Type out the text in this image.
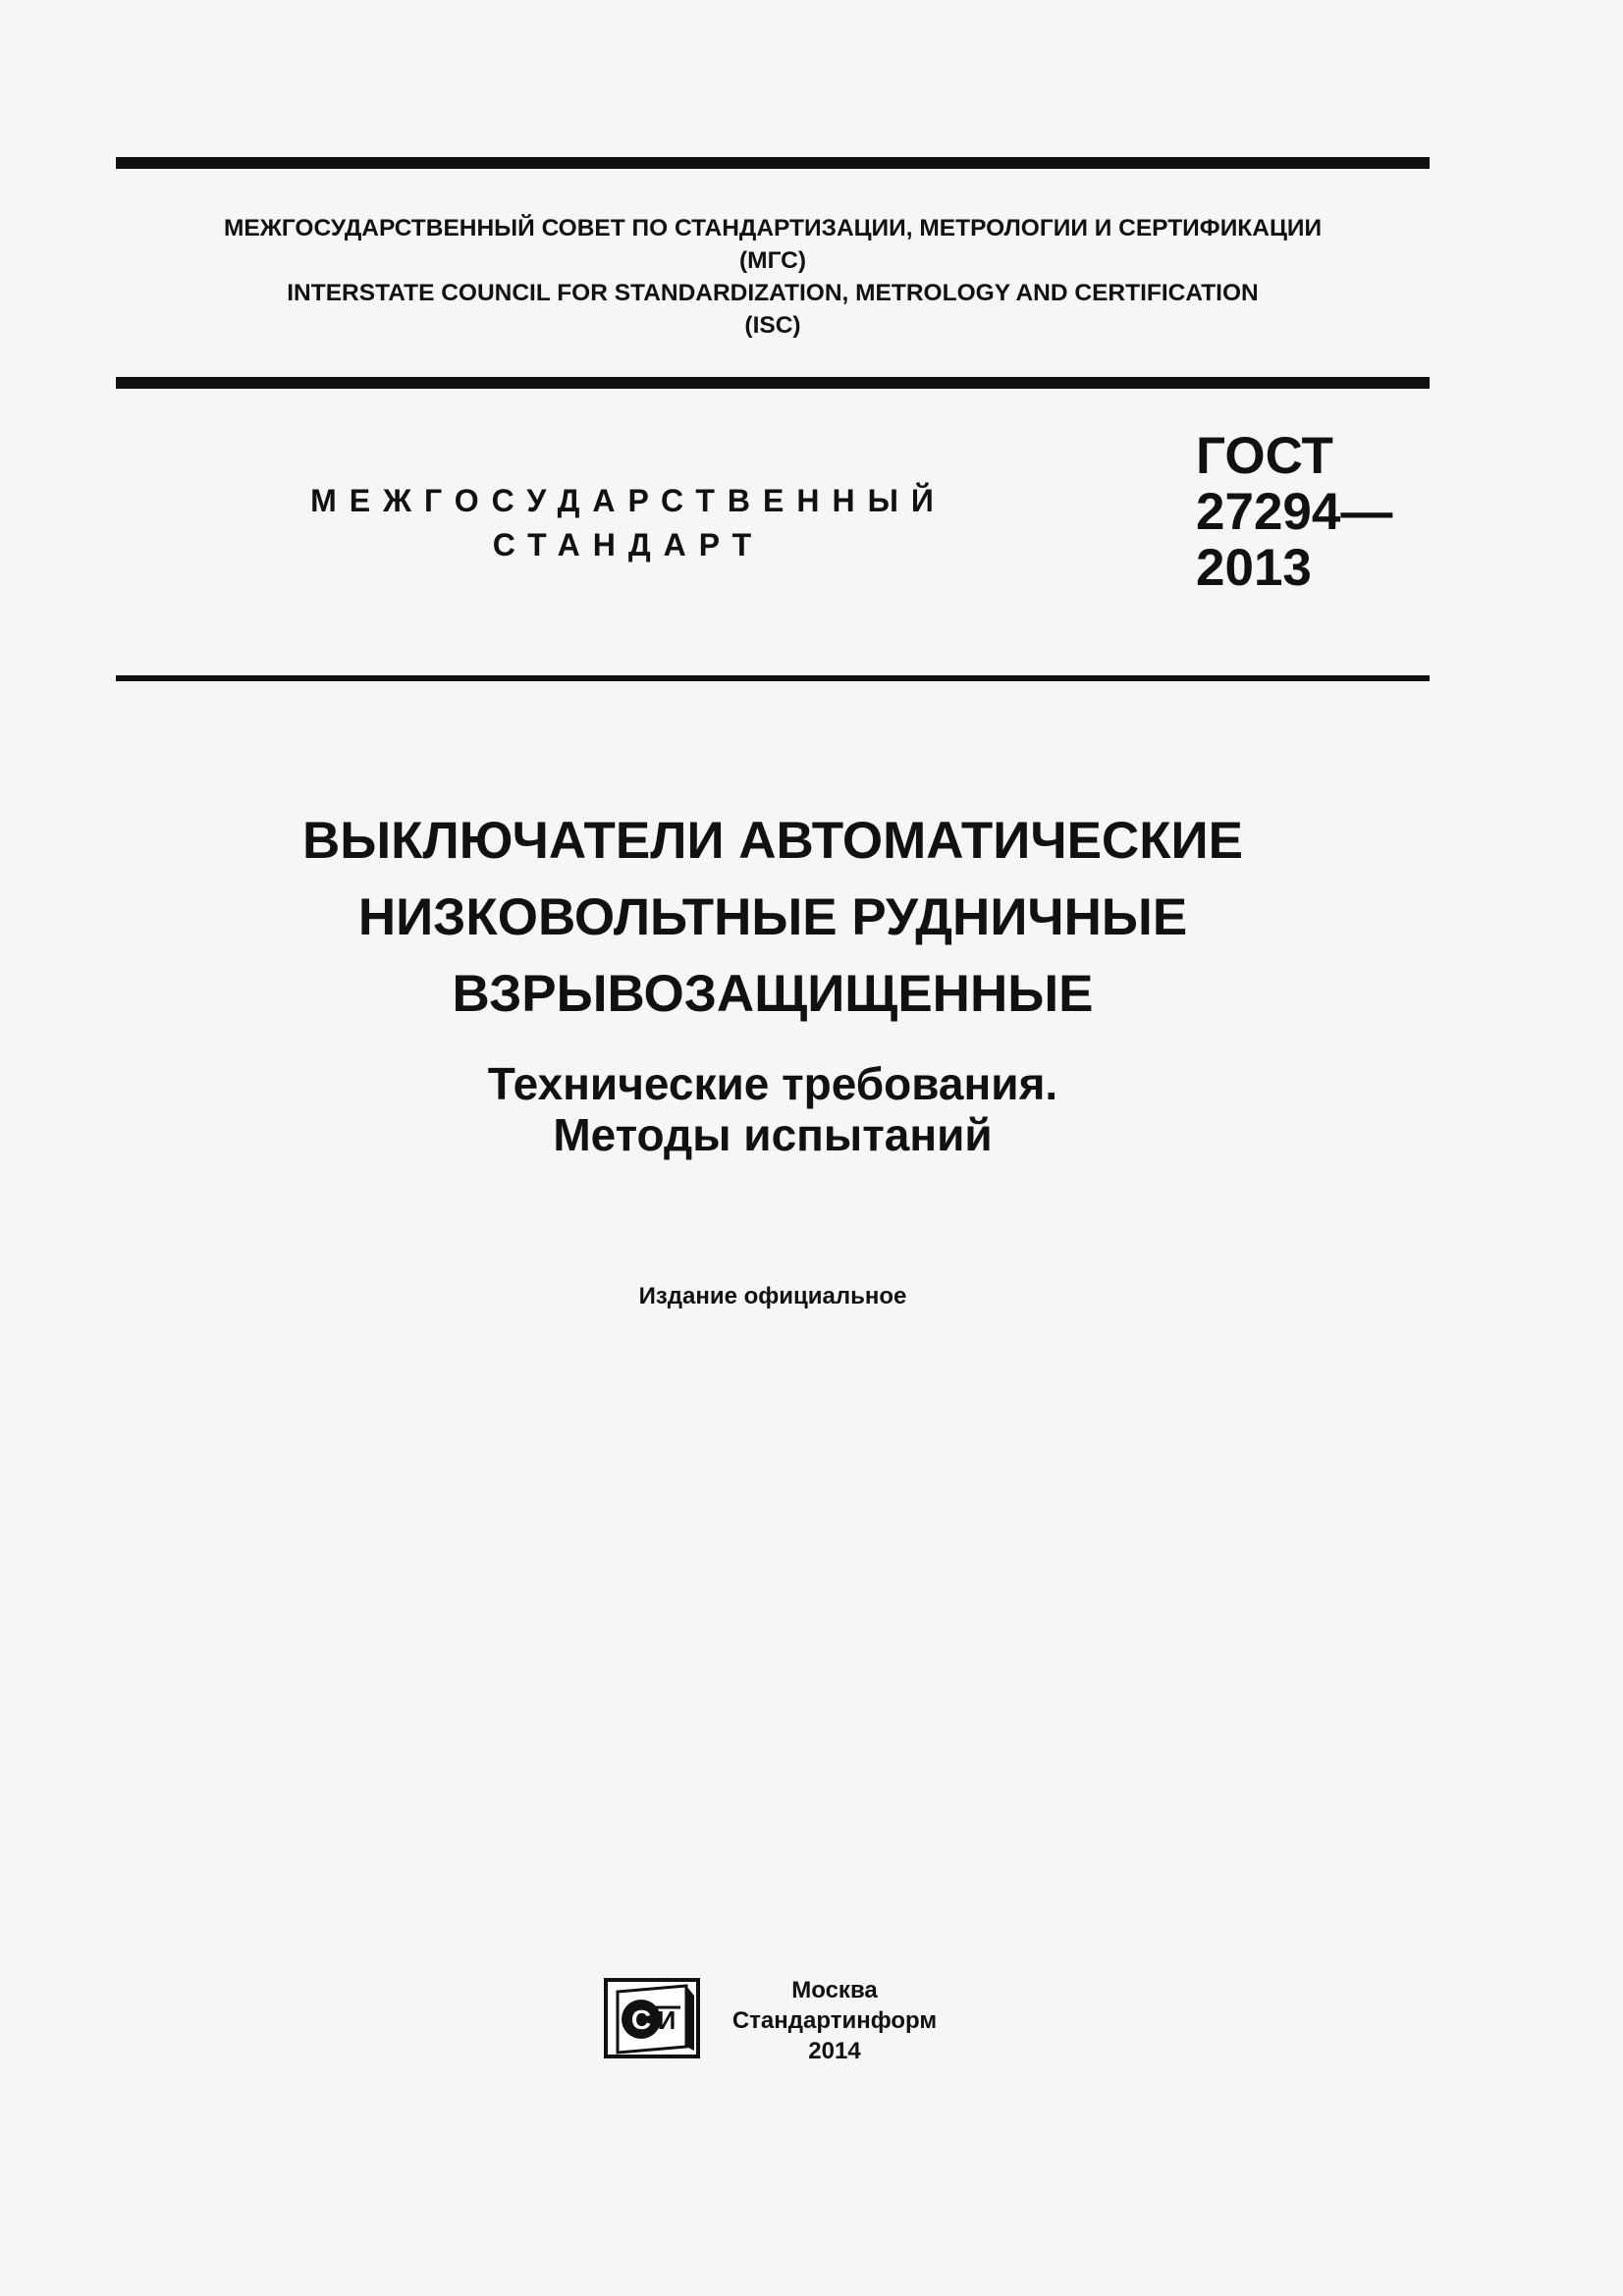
МЕЖГОСУДАРСТВЕННЫЙ СОВЕТ ПО СТАНДАРТИЗАЦИИ, МЕТРОЛОГИИ И СЕРТИФИКАЦИИ
(МГС)
INTERSTATE COUNCIL FOR STANDARDIZATION, METROLOGY AND CERTIFICATION
(ISC)
МЕЖГОСУДАРСТВЕННЫЙ
СТАНДАРТ
ГОСТ
27294—
2013
ВЫКЛЮЧАТЕЛИ АВТОМАТИЧЕСКИЕ
НИЗКОВОЛЬТНЫЕ РУДНИЧНЫЕ
ВЗРЫВОЗАЩИЩЕННЫЕ
Технические требования.
Методы испытаний
Издание официальное
С И
Москва
Стандартинформ
2014
